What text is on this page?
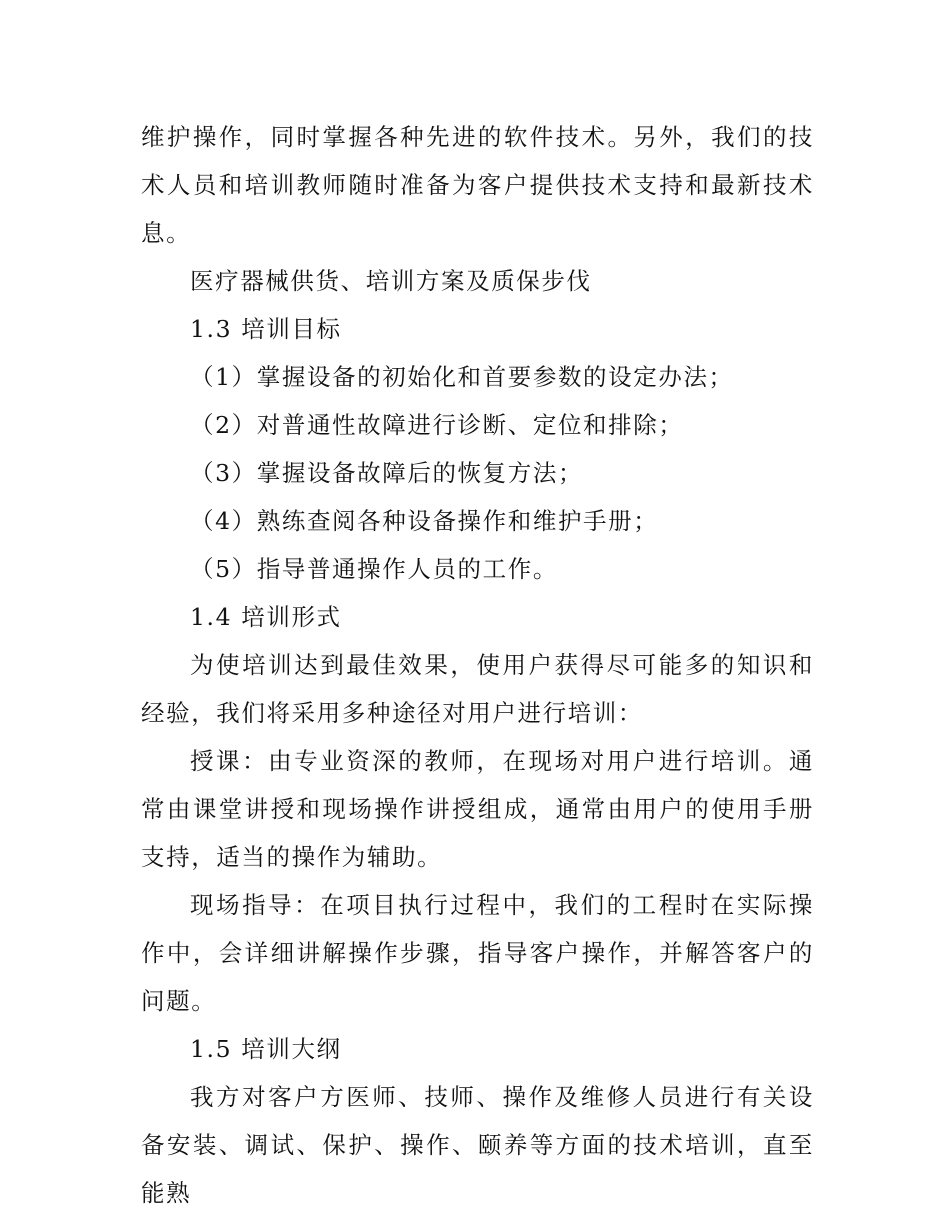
维护操作，同时掌握各种先进的软件技术。另外，我们的技术人员和培训教师随时准备为客户提供技术支持和最新技术息。

医疗器械供货、培训方案及质保步伐

1.3 培训目标

（1）掌握设备的初始化和首要参数的设定办法；

（2）对普通性故障进行诊断、定位和排除；

（3）掌握设备故障后的恢复方法；

（4）熟练查阅各种设备操作和维护手册；

（5）指导普通操作人员的工作。

1.4 培训形式

为使培训达到最佳效果，使用户获得尽可能多的知识和经验，我们将采用多种途径对用户进行培训：

授课：由专业资深的教师，在现场对用户进行培训。通常由课堂讲授和现场操作讲授组成，通常由用户的使用手册支持，适当的操作为辅助。

现场指导：在项目执行过程中，我们的工程时在实际操作中，会详细讲解操作步骤，指导客户操作，并解答客户的问题。

1.5 培训大纲

我方对客户方医师、技师、操作及维修人员进行有关设备安装、调试、保护、操作、颐养等方面的技术培训，直至能熟
